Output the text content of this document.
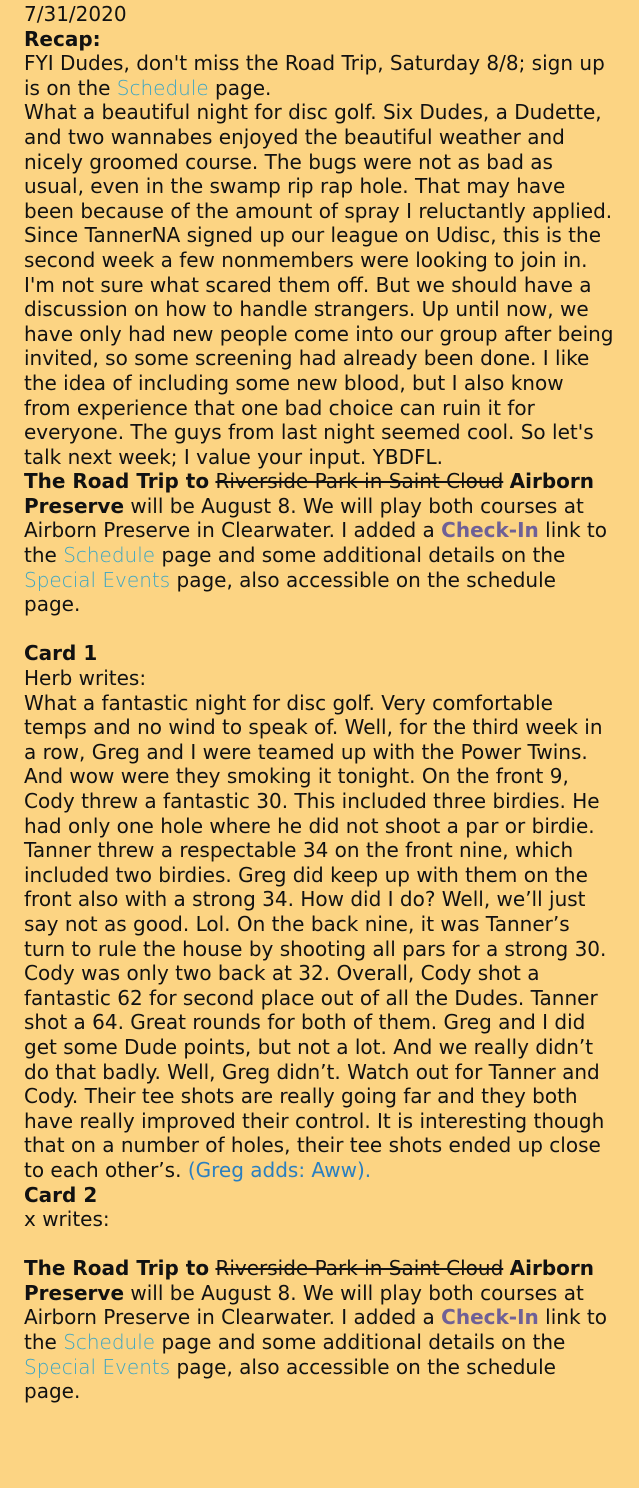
7/31/2020

Recap:

FYI Dudes, don't miss the Road Trip, Saturday 8/8; sign up is on the Schedule page.

What a beautiful night for disc golf. Six Dudes, a Dudette, and two wannabes enjoyed the beautiful weather and nicely groomed course. The bugs were not as bad as usual, even in the swamp rip rap hole. That may have been because of the amount of spray I reluctantly applied. Since TannerNA signed up our league on Udisc, this is the second week a few nonmembers were looking to join in. I'm not sure what scared them off. But we should have a discussion on how to handle strangers. Up until now, we have only had new people come into our group after being invited, so some screening had already been done. I like the idea of including some new blood, but I also know from experience that one bad choice can ruin it for everyone. The guys from last night seemed cool. So let's talk next week; I value your input. YBDFL.

The Road Trip to Riverside Park in Saint Cloud Airborn Preserve will be August 8. We will play both courses at Airborn Preserve in Clearwater. I added a Check-In link to the Schedule page and some additional details on the Special Events page, also accessible on the schedule page.

Card 1

Herb writes:

What a fantastic night for disc golf. Very comfortable temps and no wind to speak of. Well, for the third week in a row, Greg and I were teamed up with the Power Twins. And wow were they smoking it tonight. On the front 9, Cody threw a fantastic 30. This included three birdies. He had only one hole where he did not shoot a par or birdie. Tanner threw a respectable 34 on the front nine, which included two birdies. Greg did keep up with them on the front also with a strong 34. How did I do? Well, we’ll just say not as good. Lol. On the back nine, it was Tanner’s turn to rule the house by shooting all pars for a strong 30. Cody was only two back at 32. Overall, Cody shot a fantastic 62 for second place out of all the Dudes. Tanner shot a 64. Great rounds for both of them. Greg and I did get some Dude points, but not a lot. And we really didn’t do that badly. Well, Greg didn’t. Watch out for Tanner and Cody. Their tee shots are really going far and they both have really improved their control. It is interesting though that on a number of holes, their tee shots ended up close to each other’s. (Greg adds: Aww).

Card 2

x writes:

The Road Trip to Riverside Park in Saint Cloud Airborn Preserve will be August 8. We will play both courses at Airborn Preserve in Clearwater. I added a Check-In link to the Schedule page and some additional details on the Special Events page, also accessible on the schedule page.
